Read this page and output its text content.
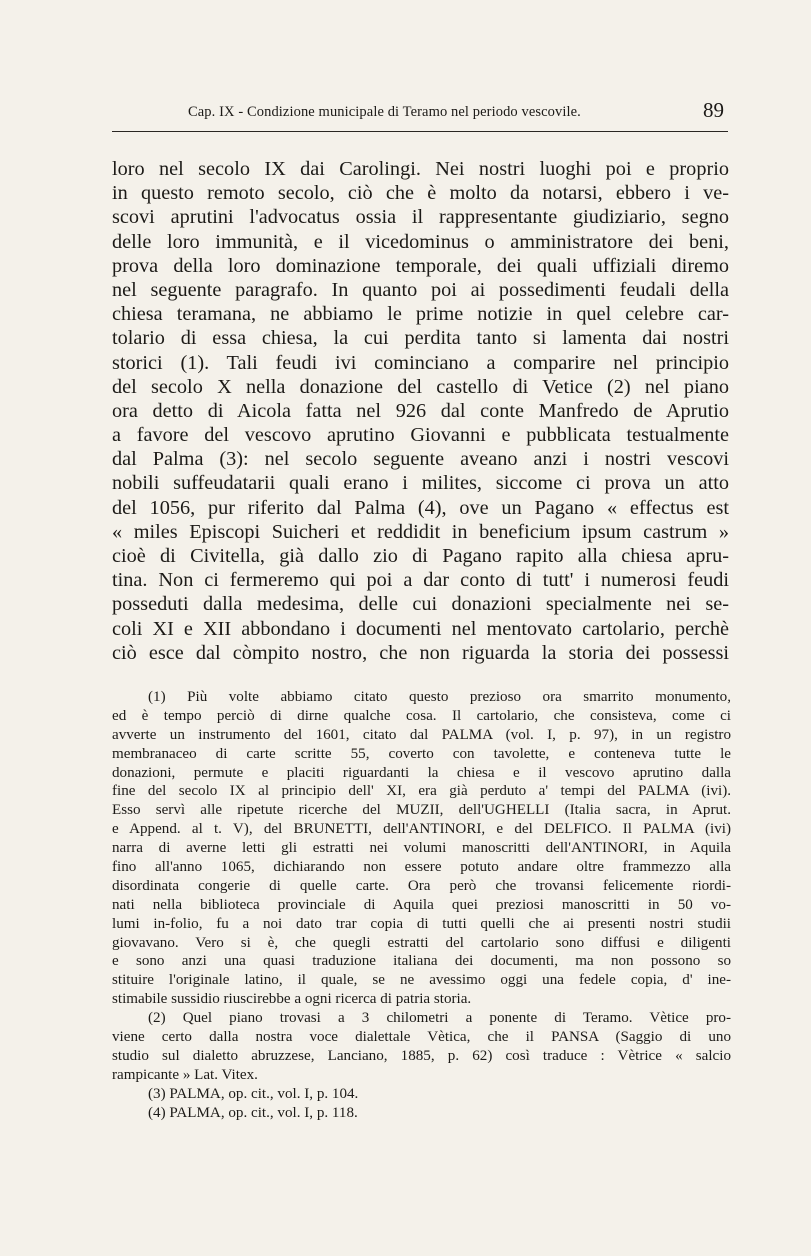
Cap. IX - Condizione municipale di Teramo nel periodo vescovile.	89
loro nel secolo IX dai Carolingi. Nei nostri luoghi poi e proprio
in questo remoto secolo, ciò che è molto da notarsi, ebbero i ve-
scovi aprutini l'advocatus ossia il rappresentante giudiziario, segno
delle loro immunità, e il vicedominus o amministratore dei beni,
prova della loro dominazione temporale, dei quali uffiziali diremo
nel seguente paragrafo. In quanto poi ai possedimenti feudali della
chiesa teramana, ne abbiamo le prime notizie in quel celebre car-
tolario di essa chiesa, la cui perdita tanto si lamenta dai nostri
storici (1). Tali feudi ivi cominciano a comparire nel principio
del secolo X nella donazione del castello di Vetice (2) nel piano
ora detto di Aicola fatta nel 926 dal conte Manfredo de Aprutio
a favore del vescovo aprutino Giovanni e pubblicata testualmente
dal Palma (3): nel secolo seguente aveano anzi i nostri vescovi
nobili suffeudatarii quali erano i milites, siccome ci prova un atto
del 1056, pur riferito dal Palma (4), ove un Pagano « effectus est
« miles Episcopi Suicheri et reddidit in beneficium ipsum castrum »
cioè di Civitella, già dallo zio di Pagano rapito alla chiesa apru-
tina. Non ci fermeremo qui poi a dar conto di tutt' i numerosi feudi
posseduti dalla medesima, delle cui donazioni specialmente nei se-
coli XI e XII abbondano i documenti nel mentovato cartolario, perchè
ciò esce dal còmpito nostro, che non riguarda la storia dei possessi
(1) Più volte abbiamo citato questo prezioso ora smarrito monumento,
ed è tempo perciò di dirne qualche cosa. Il cartolario, che consisteva, come ci
avverte un instrumento del 1601, citato dal PALMA (vol. I, p. 97), in un registro
membranaceo di carte scritte 55, coverto con tavolette, e conteneva tutte le
donazioni, permute e placiti riguardanti la chiesa e il vescovo aprutino dalla
fine del secolo IX al principio dell' XI, era già perduto a' tempi del PALMA (ivi).
Esso servì alle ripetute ricerche del MUZII, dell'UGHELLI (Italia sacra, in Aprut.
e Append. al t. V), del BRUNETTI, dell'ANTINORI, e del DELFICO. Il PALMA (ivi)
narra di averne letti gli estratti nei volumi manoscritti dell'ANTINORI, in Aquila
fino all'anno 1065, dichiarando non essere potuto andare oltre frammezzo alla
disordinata congerie di quelle carte. Ora però che trovansi felicemente riordi-
nati nella biblioteca provinciale di Aquila quei preziosi manoscritti in 50 vo-
lumi in-folio, fu a noi dato trar copia di tutti quelli che ai presenti nostri studii
giovavano. Vero si è, che quegli estratti del cartolario sono diffusi e diligenti
e sono anzi una quasi traduzione italiana dei documenti, ma non possono so
stituire l'originale latino, il quale, se ne avessimo oggi una fedele copia, d' ine-
stimabile sussidio riuscirebbe a ogni ricerca di patria storia.
(2) Quel piano trovasi a 3 chilometri a ponente di Teramo. Vètice pro-
viene certo dalla nostra voce dialettale Vètica, che il PANSA (Saggio di uno
studio sul dialetto abruzzese, Lanciano, 1885, p. 62) così traduce : Vètrice « salcio
rampicante » Lat. Vitex.
(3) PALMA, op. cit., vol. I, p. 104.
(4) PALMA, op. cit., vol. I, p. 118.
